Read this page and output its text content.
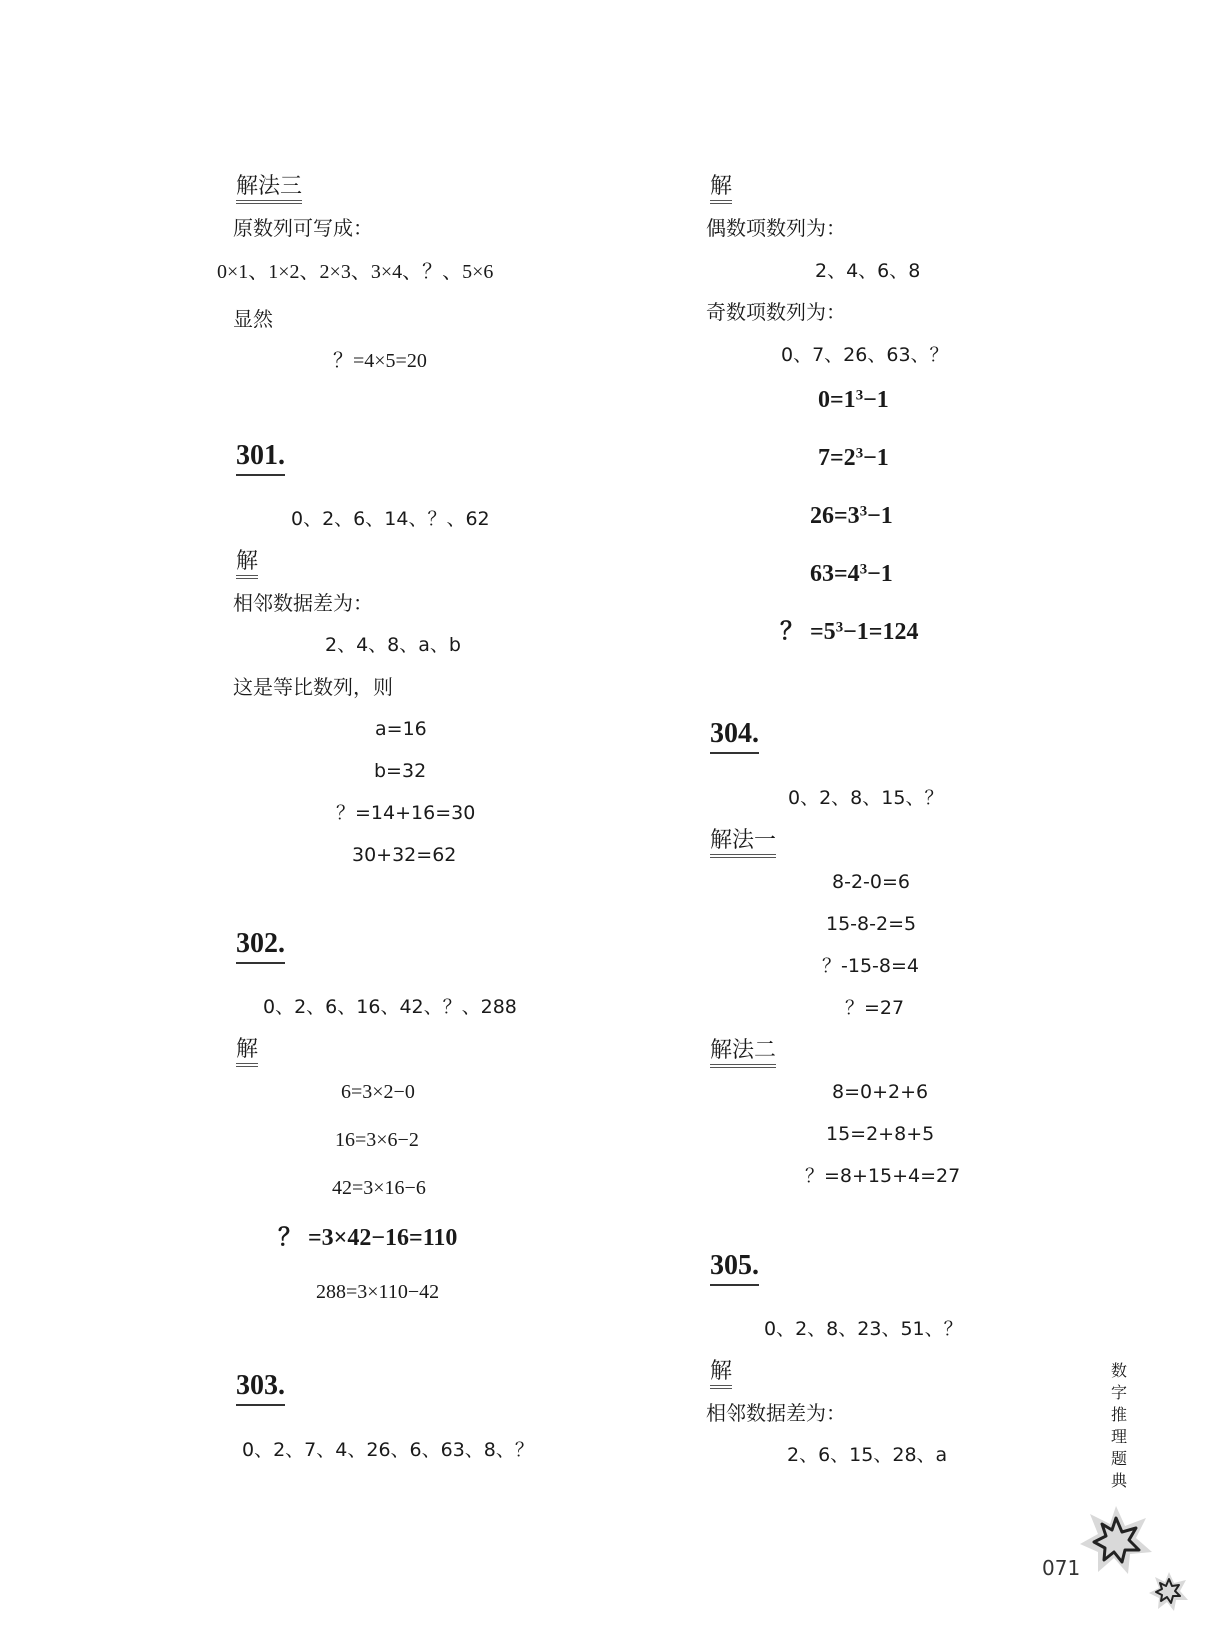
解法三
原数列可写成：
0×1、1×2、2×3、3×4、？、5×6
显然
？=4×5=20
301.
0、2、6、14、？、62
解
相邻数据差为：
2、4、8、a、b
这是等比数列，则
a=16
b=32
？=14+16=30
30+32=62
302.
0、2、6、16、42、？、288
解
6=3×2−0
16=3×6−2
42=3×16−6
？ =3×42−16=110
288=3×110−42
303.
0、2、7、4、26、6、63、8、？
解
偶数项数列为：
2、4、6、8
奇数项数列为：
0、7、26、63、？
$0=1^3-1$
$7=2^3-1$
$26=3^3-1$
$63=4^3-1$
？ $=5^3-1=124$
304.
0、2、8、15、？
解法一
8-2-0=6
15-8-2=5
？-15-8=4
？=27
解法二
8=0+2+6
15=2+8+5
？=8+15+4=27
305.
0、2、8、23、51、？
解
相邻数据差为：
2、6、15、28、a
数字推理题典
071
